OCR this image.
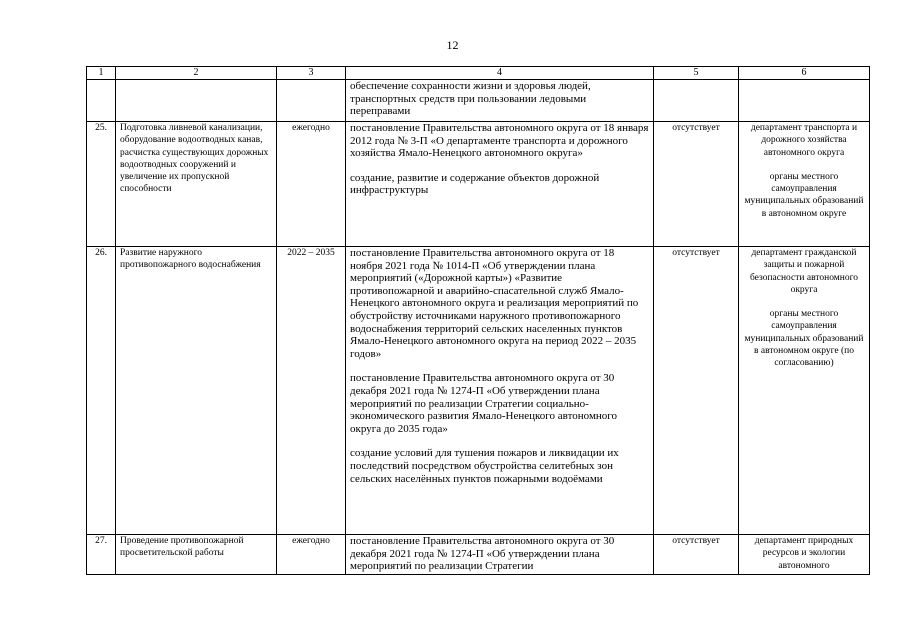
12
1	2	3	4	5	6
			обеспечение сохранности жизни и здоровья людей, транспортных средств при пользовании ледовыми переправами		
25.	Подготовка ливневой канализации, оборудование водоотводных канав, расчистка существующих дорожных водоотводных сооружений и увеличение их пропускной способности	ежегодно	постановление Правительства автономного округа от 18 января 2012 года № 3-П «О департаменте транспорта и дорожного хозяйства Ямало-Ненецкого автономного округа»
создание, развитие и содержание объектов дорожной инфраструктуры	отсутствует	департамент транспорта и дорожного хозяйства автономного округа
органы местного самоуправления муниципальных образований в автономном округе

26.	Развитие наружного противопожарного водоснабжения	2022 – 2035	постановление Правительства автономного округа от 18 ноября 2021 года № 1014-П «Об утверждении плана мероприятий («Дорожной карты») «Развитие противопожарной и аварийно-спасательной служб Ямало-Ненецкого автономного округа и реализация мероприятий по обустройству источниками наружного противопожарного водоснабжения территорий сельских населенных пунктов Ямало-Ненецкого автономного округа на период 2022 – 2035 годов»
постановление Правительства автономного округа от 30 декабря 2021 года № 1274-П «Об утверждении плана мероприятий по реализации Стратегии социально-экономического развития Ямало-Ненецкого автономного округа до 2035 года»
создание условий для тушения пожаров и ликвидации их последствий посредством обустройства селитебных зон сельских населённых пунктов пожарными водоёмами	отсутствует	департамент гражданской защиты и пожарной безопасности автономного округа
органы местного самоуправления муниципальных образований в автономном округе (по согласованию)

27.	Проведение противопожарной просветительской работы	ежегодно	постановление Правительства автономного округа от 30 декабря 2021 года № 1274-П «Об утверждении плана мероприятий по реализации Стратегии	отсутствует	департамент природных ресурсов и экологии автономного
